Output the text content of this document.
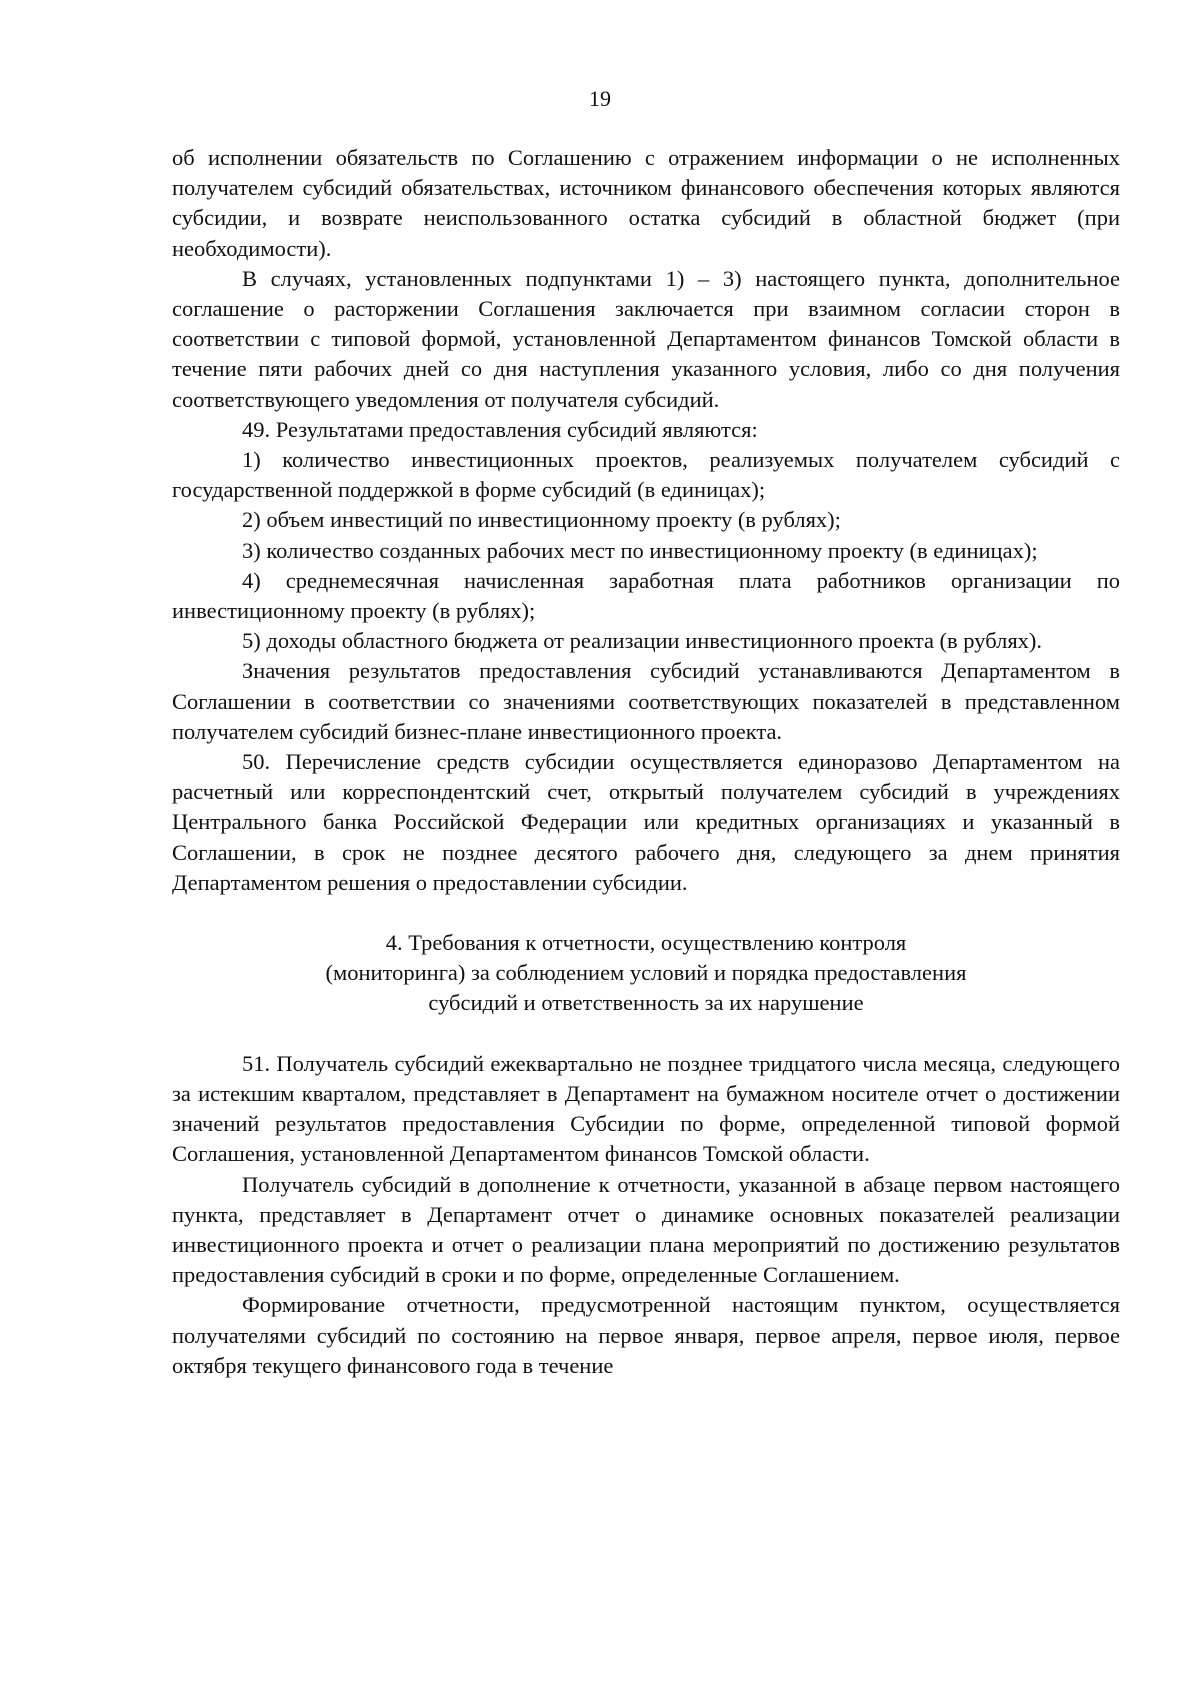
19

об исполнении обязательств по Соглашению с отражением информации о не исполненных получателем субсидий обязательствах, источником финансового обеспечения которых являются субсидии, и возврате неиспользованного остатка субсидий в областной бюджет (при необходимости).

В случаях, установленных подпунктами 1) – 3) настоящего пункта, дополнительное соглашение о расторжении Соглашения заключается при взаимном согласии сторон в соответствии с типовой формой, установленной Департаментом финансов Томской области в течение пяти рабочих дней со дня наступления указанного условия, либо со дня получения соответствующего уведомления от получателя субсидий.

49. Результатами предоставления субсидий являются:

1) количество инвестиционных проектов, реализуемых получателем субсидий с государственной поддержкой в форме субсидий (в единицах);

2) объем инвестиций по инвестиционному проекту (в рублях);

3) количество созданных рабочих мест по инвестиционному проекту (в единицах);

4) среднемесячная начисленная заработная плата работников организации по инвестиционному проекту (в рублях);

5) доходы областного бюджета от реализации инвестиционного проекта (в рублях).

Значения результатов предоставления субсидий устанавливаются Департаментом в Соглашении в соответствии со значениями соответствующих показателей в представленном получателем субсидий бизнес-плане инвестиционного проекта.

50. Перечисление средств субсидии осуществляется единоразово Департаментом на расчетный или корреспондентский счет, открытый получателем субсидий в учреждениях Центрального банка Российской Федерации или кредитных организациях и указанный в Соглашении, в срок не позднее десятого рабочего дня, следующего за днем принятия Департаментом решения о предоставлении субсидии.

4. Требования к отчетности, осуществлению контроля
(мониторинга) за соблюдением условий и порядка предоставления
субсидий и ответственность за их нарушение

51. Получатель субсидий ежеквартально не позднее тридцатого числа месяца, следующего за истекшим кварталом, представляет в Департамент на бумажном носителе отчет о достижении значений результатов предоставления Субсидии по форме, определенной типовой формой Соглашения, установленной Департаментом финансов Томской области.

Получатель субсидий в дополнение к отчетности, указанной в абзаце первом настоящего пункта, представляет в Департамент отчет о динамике основных показателей реализации инвестиционного проекта и отчет о реализации плана мероприятий по достижению результатов предоставления субсидий в сроки и по форме, определенные Соглашением.

Формирование отчетности, предусмотренной настоящим пунктом, осуществляется получателями субсидий по состоянию на первое января, первое апреля, первое июля, первое октября текущего финансового года в течение
